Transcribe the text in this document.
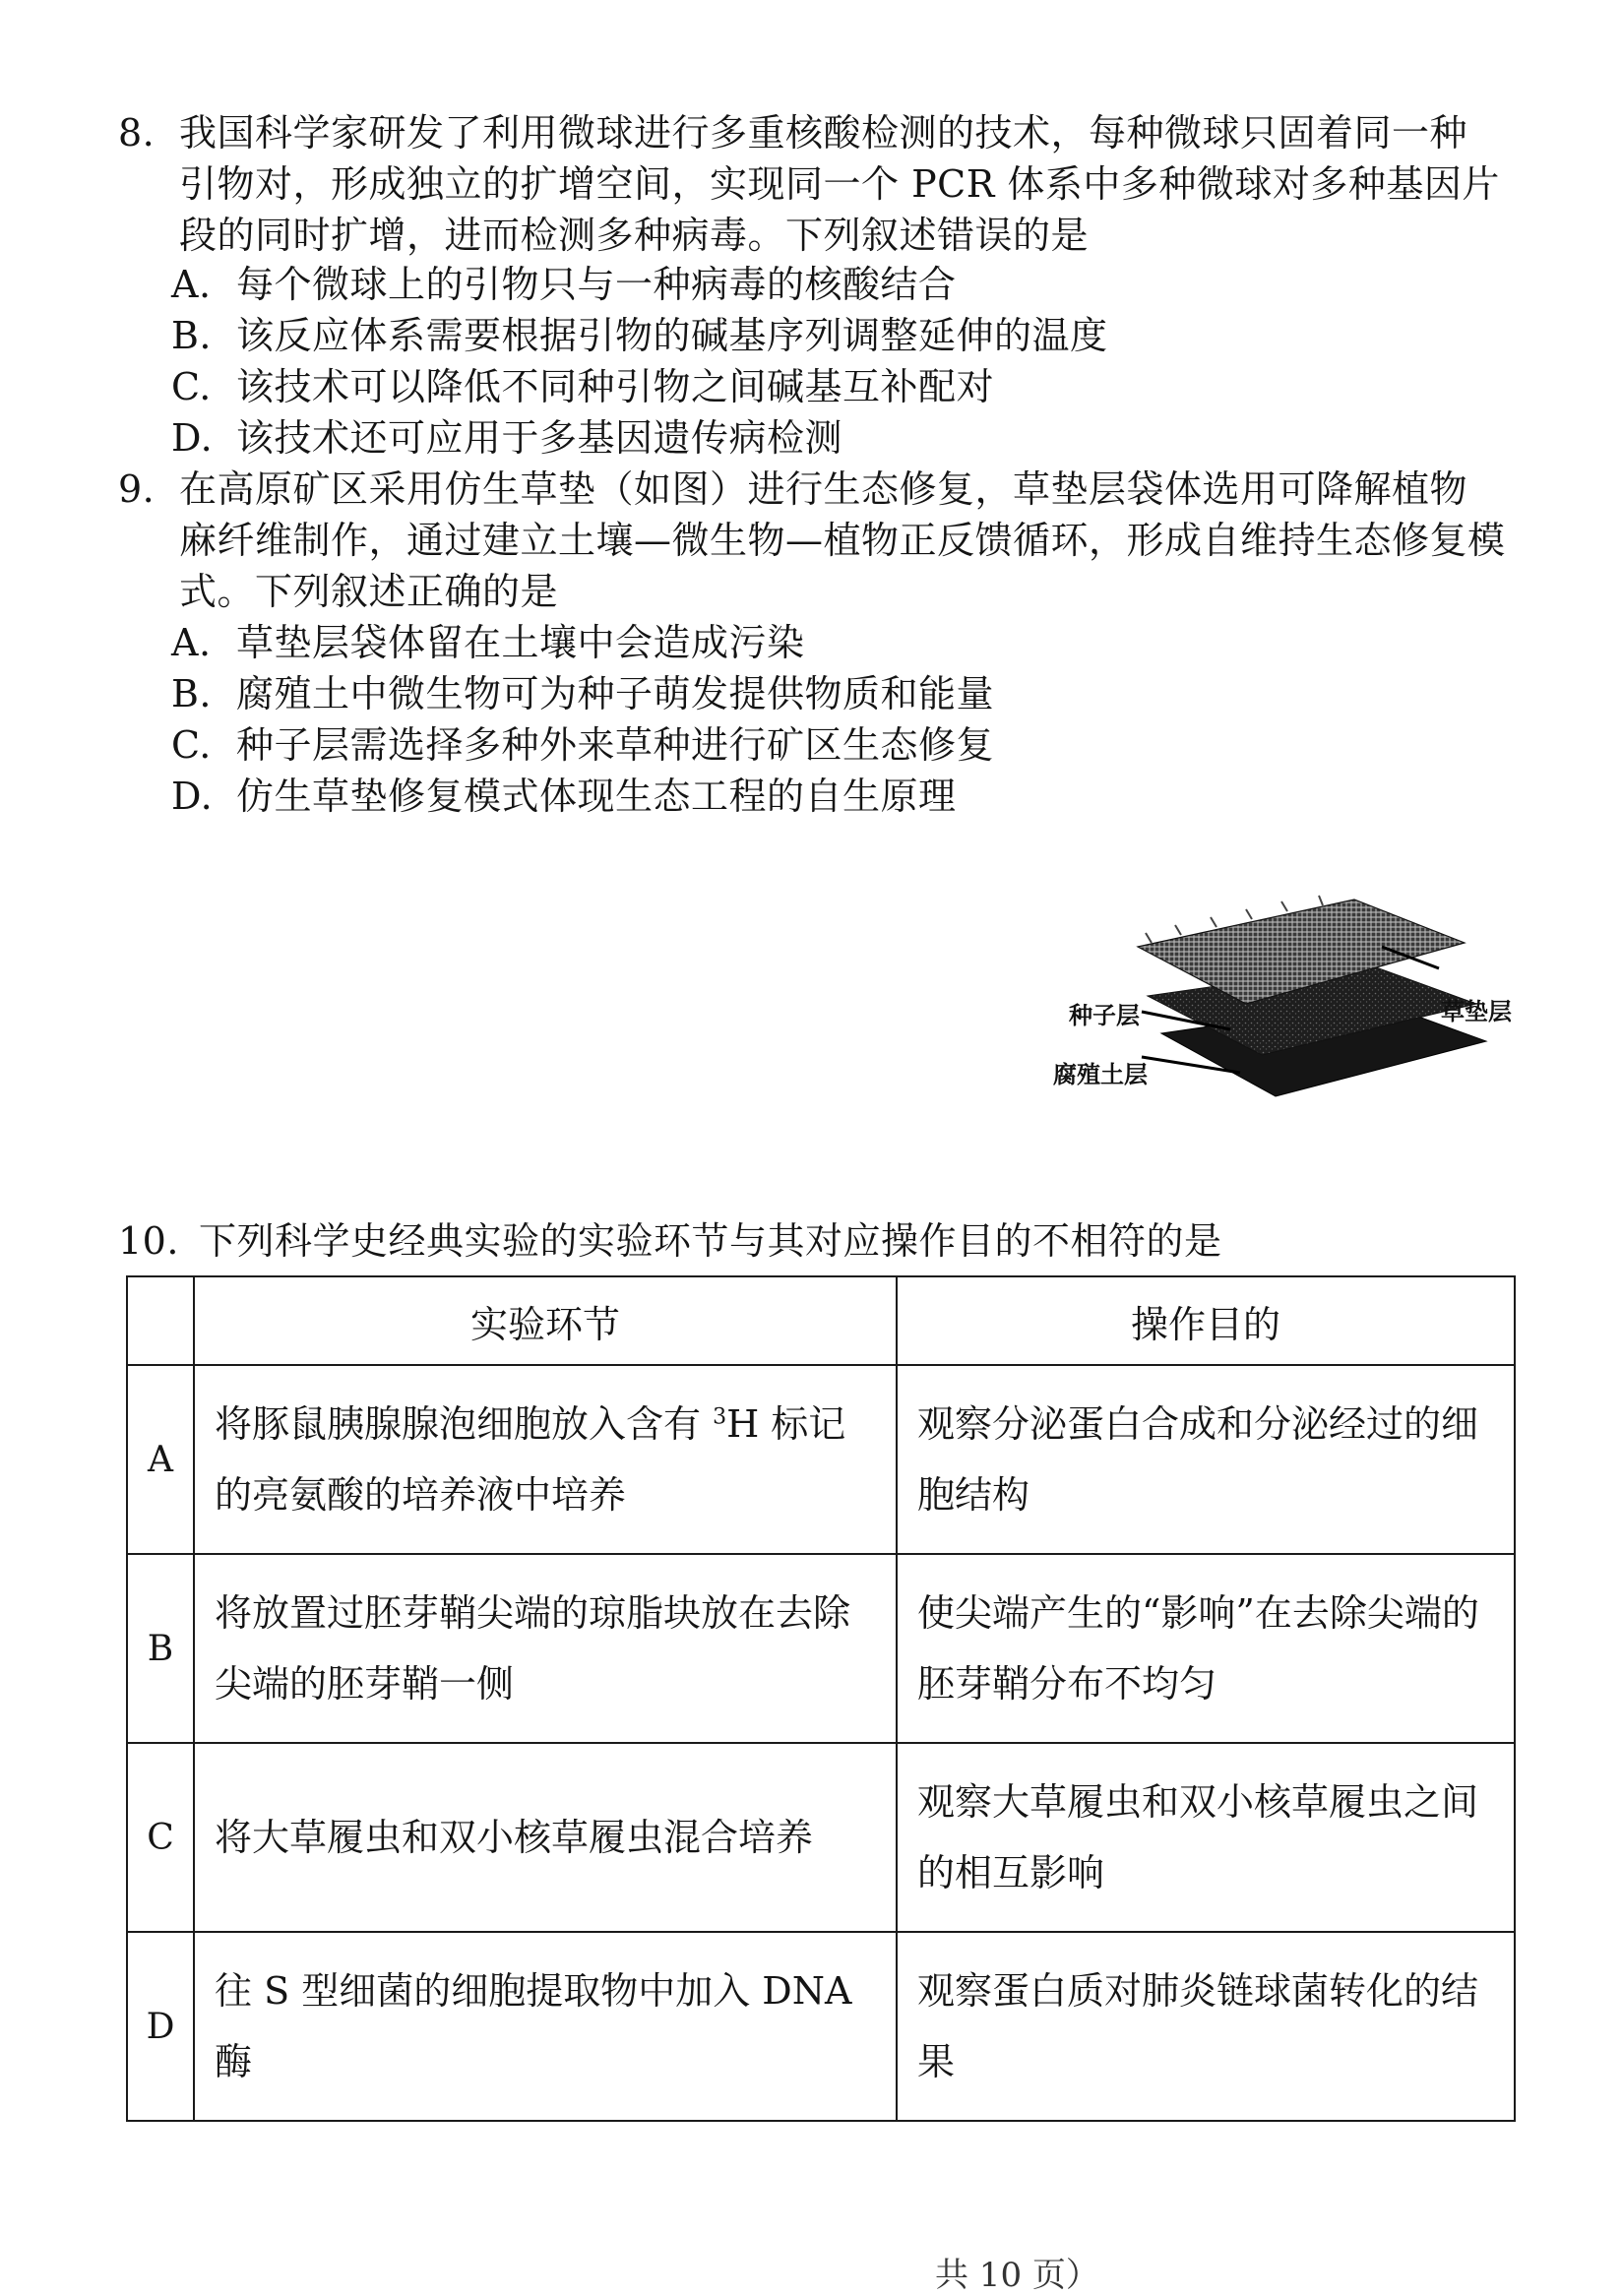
8. 我国科学家研发了利用微球进行多重核酸检测的技术，每种微球只固着同一种
引物对，形成独立的扩增空间，实现同一个 PCR 体系中多种微球对多种基因片
段的同时扩增，进而检测多种病毒。下列叙述错误的是
A. 每个微球上的引物只与一种病毒的核酸结合
B. 该反应体系需要根据引物的碱基序列调整延伸的温度
C. 该技术可以降低不同种引物之间碱基互补配对
D. 该技术还可应用于多基因遗传病检测
9. 在高原矿区采用仿生草垫（如图）进行生态修复，草垫层袋体选用可降解植物
麻纤维制作，通过建立土壤—微生物—植物正反馈循环，形成自维持生态修复模
式。下列叙述正确的是
A. 草垫层袋体留在土壤中会造成污染
B. 腐殖土中微生物可为种子萌发提供物质和能量
C. 种子层需选择多种外来草种进行矿区生态修复
D. 仿生草垫修复模式体现生态工程的自生原理
种子层	草垫层
腐殖土层
10. 下列科学史经典实验的实验环节与其对应操作目的不相符的是
	实验环节	操作目的
A	将豚鼠胰腺腺泡细胞放入含有 $^3$H 标记的亮氨酸的培养液中培养	观察分泌蛋白合成和分泌经过的细胞结构
B	将放置过胚芽鞘尖端的琼脂块放在去除尖端的胚芽鞘一侧	使尖端产生的“影响”在去除尖端的胚芽鞘分布不均匀
C	将大草履虫和双小核草履虫混合培养	观察大草履虫和双小核草履虫之间的相互影响
D	往 S 型细菌的细胞提取物中加入 DNA 酶	观察蛋白质对肺炎链球菌转化的结果
共 10 页）
